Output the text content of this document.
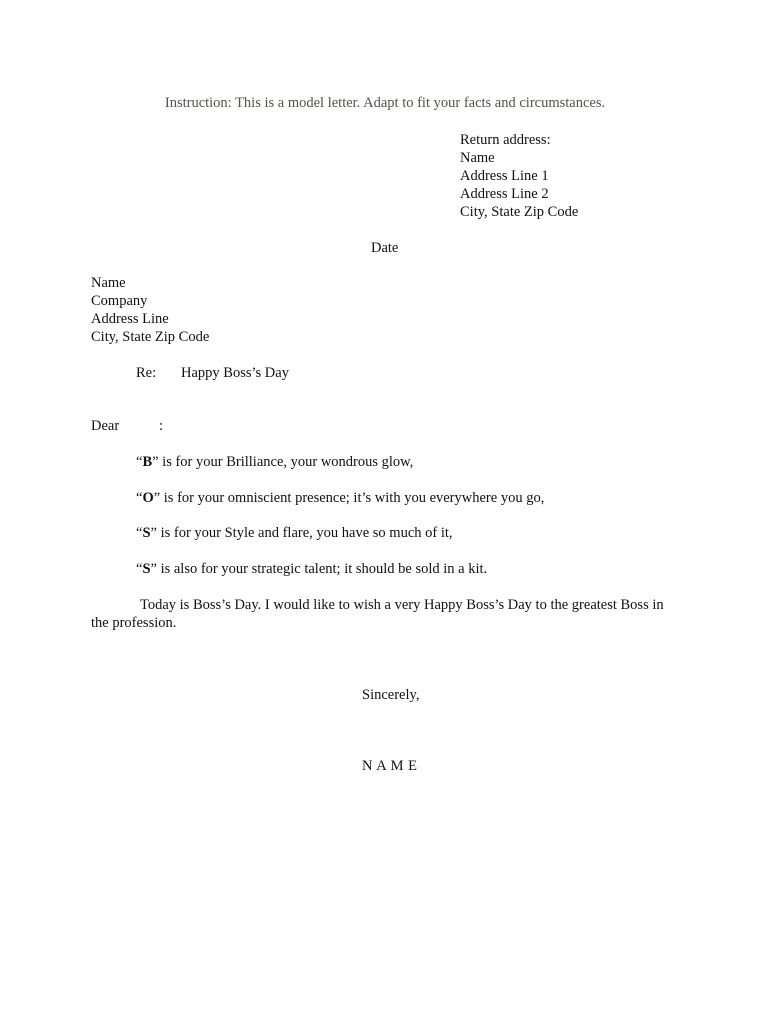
Instruction: This is a model letter. Adapt to fit your facts and circumstances.
Return address:
Name
Address Line 1
Address Line 2
City, State Zip Code
Date
Name
Company
Address Line
City, State Zip Code
Re: Happy Boss’s Day
Dear	:
“B” is for your Brilliance, your wondrous glow,
“O” is for your omniscient presence; it’s with you everywhere you go,
“S” is for your Style and flare, you have so much of it,
“S” is also for your strategic talent; it should be sold in a kit.
Today is Boss’s Day. I would like to wish a very Happy Boss’s Day to the greatest Boss in
the profession.
Sincerely,
N A M E
